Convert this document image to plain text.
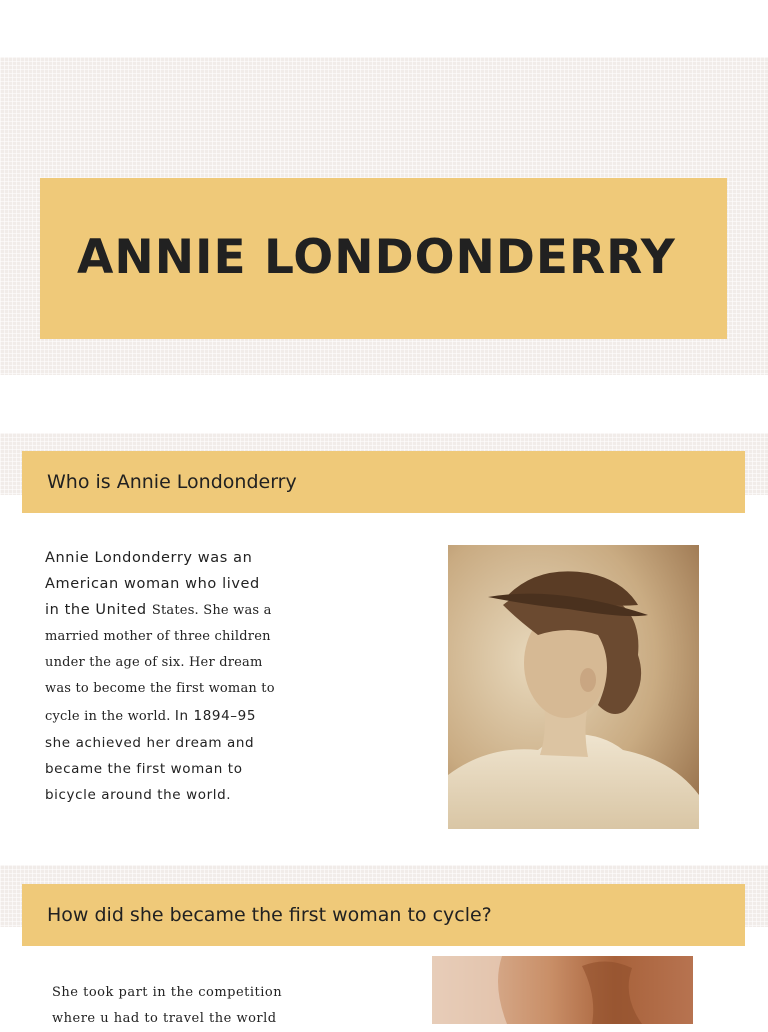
ANNIE LONDONDERRY
Who is Annie Londonderry
Annie Londonderry was an
American woman who lived
in the United States. She was a
married mother of three children
under the age of six. Her dream
was to become the first woman to
cycle in the world. In 1894–95
she achieved her dream and
became the first woman to
bicycle around the world.
How did she became the first woman to cycle?
She took part in the competition
where u had to travel the world
